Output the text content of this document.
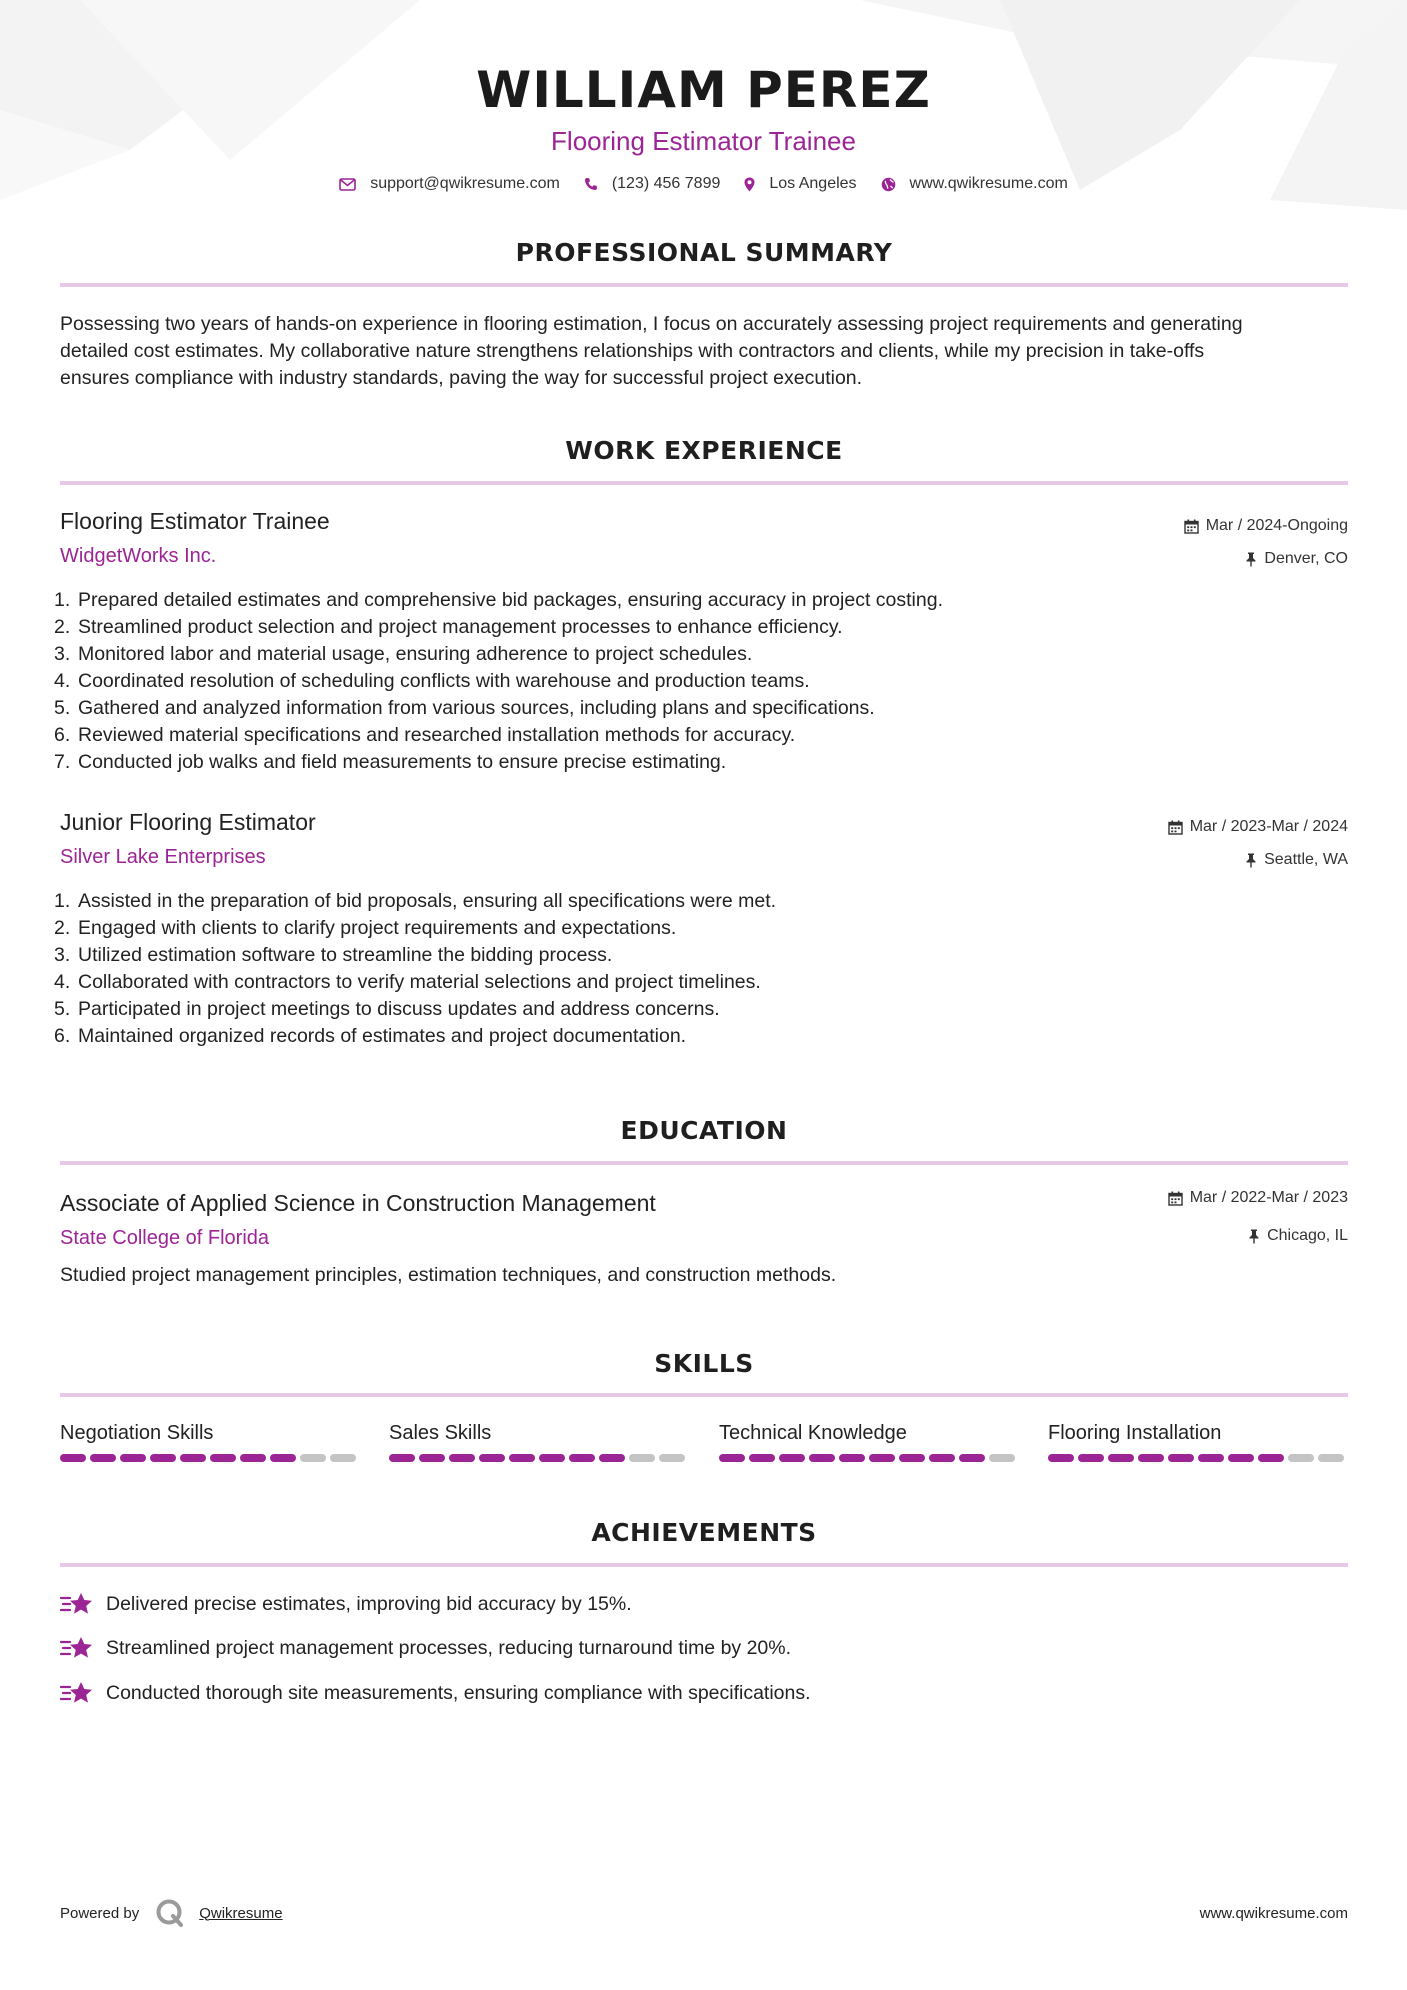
WILLIAM PEREZ
Flooring Estimator Trainee
support@qwikresume.com	(123) 456 7899	Los Angeles	www.qwikresume.com
PROFESSIONAL SUMMARY
Possessing two years of hands-on experience in flooring estimation, I focus on accurately assessing project requirements and generating
detailed cost estimates. My collaborative nature strengthens relationships with contractors and clients, while my precision in take-offs
ensures compliance with industry standards, paving the way for successful project execution.
WORK EXPERIENCE
Flooring Estimator Trainee
WidgetWorks Inc.
Mar / 2024-Ongoing
Denver, CO
1. Prepared detailed estimates and comprehensive bid packages, ensuring accuracy in project costing.
2. Streamlined product selection and project management processes to enhance efficiency.
3. Monitored labor and material usage, ensuring adherence to project schedules.
4. Coordinated resolution of scheduling conflicts with warehouse and production teams.
5. Gathered and analyzed information from various sources, including plans and specifications.
6. Reviewed material specifications and researched installation methods for accuracy.
7. Conducted job walks and field measurements to ensure precise estimating.
Junior Flooring Estimator
Silver Lake Enterprises
Mar / 2023-Mar / 2024
Seattle, WA
1. Assisted in the preparation of bid proposals, ensuring all specifications were met.
2. Engaged with clients to clarify project requirements and expectations.
3. Utilized estimation software to streamline the bidding process.
4. Collaborated with contractors to verify material selections and project timelines.
5. Participated in project meetings to discuss updates and address concerns.
6. Maintained organized records of estimates and project documentation.
EDUCATION
Associate of Applied Science in Construction Management
State College of Florida
Mar / 2022-Mar / 2023
Chicago, IL
Studied project management principles, estimation techniques, and construction methods.
SKILLS
Negotiation Skills	Sales Skills	Technical Knowledge	Flooring Installation
ACHIEVEMENTS
Delivered precise estimates, improving bid accuracy by 15%.
Streamlined project management processes, reducing turnaround time by 20%.
Conducted thorough site measurements, ensuring compliance with specifications.
Powered by	Qwikresume	www.qwikresume.com
